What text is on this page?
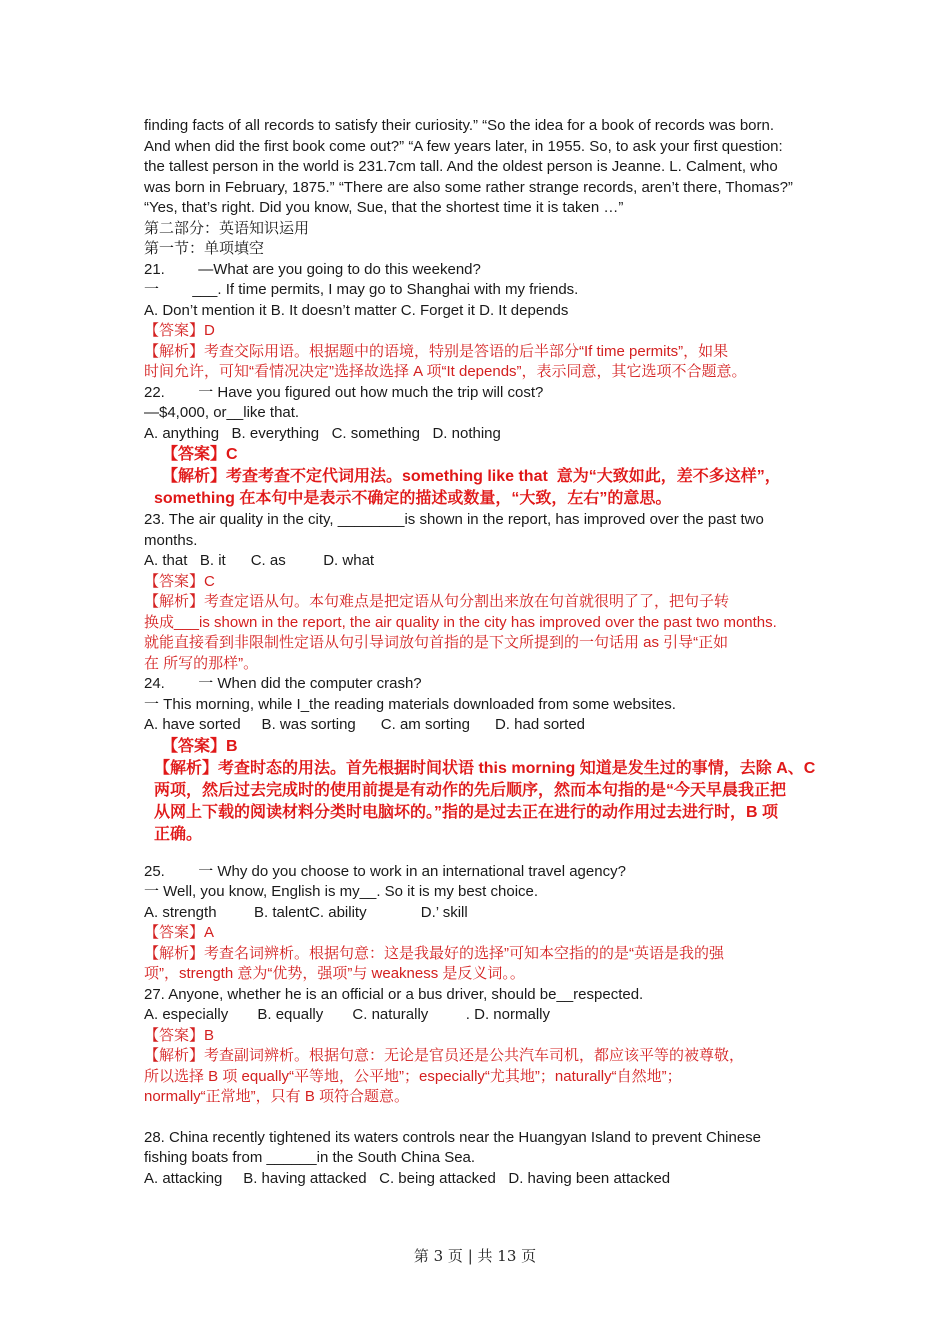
finding facts of all records to satisfy their curiosity.” “So the idea for a book of records was born.

And when did the first book come out?” “A few years later, in 1955. So, to ask your first question:

the tallest person in the world is 231.7cm tall. And the oldest person is Jeanne. L. Calment, who

was born in February, 1875.” “There are also some rather strange records, aren’t there, Thomas?”

“Yes, that’s right. Did you know, Sue, that the shortest time it is taken …”

第二部分：英语知识运用

第一节：单项填空

21.        —What are you going to do this weekend?

一        ___. If time permits, I may go to Shanghai with my friends.

A. Don’t mention it B. It doesn’t matter C. Forget it D. It depends

【答案】D

【解析】考查交际用语。根据题中的语境，特别是答语的后半部分“If time permits”，如果

时间允许，可知“看情况决定”选择故选择 A 项“It depends”，表示同意，其它选项不合题意。

22.        一 Have you figured out how much the trip will cost?

—$4,000, or__like that.

A. anything   B. everything   C. something   D. nothing

【答案】C

【解析】考查考查不定代词用法。something like that  意为“大致如此，差不多这样”，

something 在本句中是表示不确定的描述或数量，“大致，左右”的意思。

23. The air quality in the city, ________is shown in the report, has improved over the past two

months.

A. that   B. it      C. as         D. what

【答案】C

【解析】考查定语从句。本句难点是把定语从句分割出来放在句首就很明了了，把句子转

换成___is shown in the report, the air quality in the city has improved over the past two months.

就能直接看到非限制性定语从句引导词放句首指的是下文所提到的一句话用 as 引导“正如

在 所写的那样”。

24.        一 When did the computer crash?

一 This morning, while I_the reading materials downloaded from some websites.

A. have sorted     B. was sorting      C. am sorting      D. had sorted

【答案】B

【解析】考查时态的用法。首先根据时间状语 this morning 知道是发生过的事情，去除 A、C

两项，然后过去完成时的使用前提是有动作的先后顺序，然而本句指的是“今天早晨我正把

从网上下载的阅读材料分类时电脑坏的。”指的是过去正在进行的动作用过去进行时，B 项

正确。

25.        一 Why do you choose to work in an international travel agency?

一 Well, you know, English is my__. So it is my best choice.

A. strength         B. talentC. ability             D.’ skill

【答案】A

【解析】考查名词辨析。根据句意：这是我最好的选择”可知本空指的的是“英语是我的强

项”，strength 意为“优势，强项”与 weakness 是反义词。。

27. Anyone, whether he is an official or a bus driver, should be__respected.

A. especially       B. equally       C. naturally         . D. normally

【答案】B

【解析】考查副词辨析。根据句意：无论是官员还是公共汽车司机，都应该平等的被尊敬，

所以选择 B 项 equally“平等地，公平地”；especially“尤其地”；naturally“自然地”；

normally“正常地”，只有 B 项符合题意。

28. China recently tightened its waters controls near the Huangyan Island to prevent Chinese

fishing boats from ______in the South China Sea.

A. attacking     B. having attacked   C. being attacked   D. having been attacked

第 3 页 | 共 13 页
